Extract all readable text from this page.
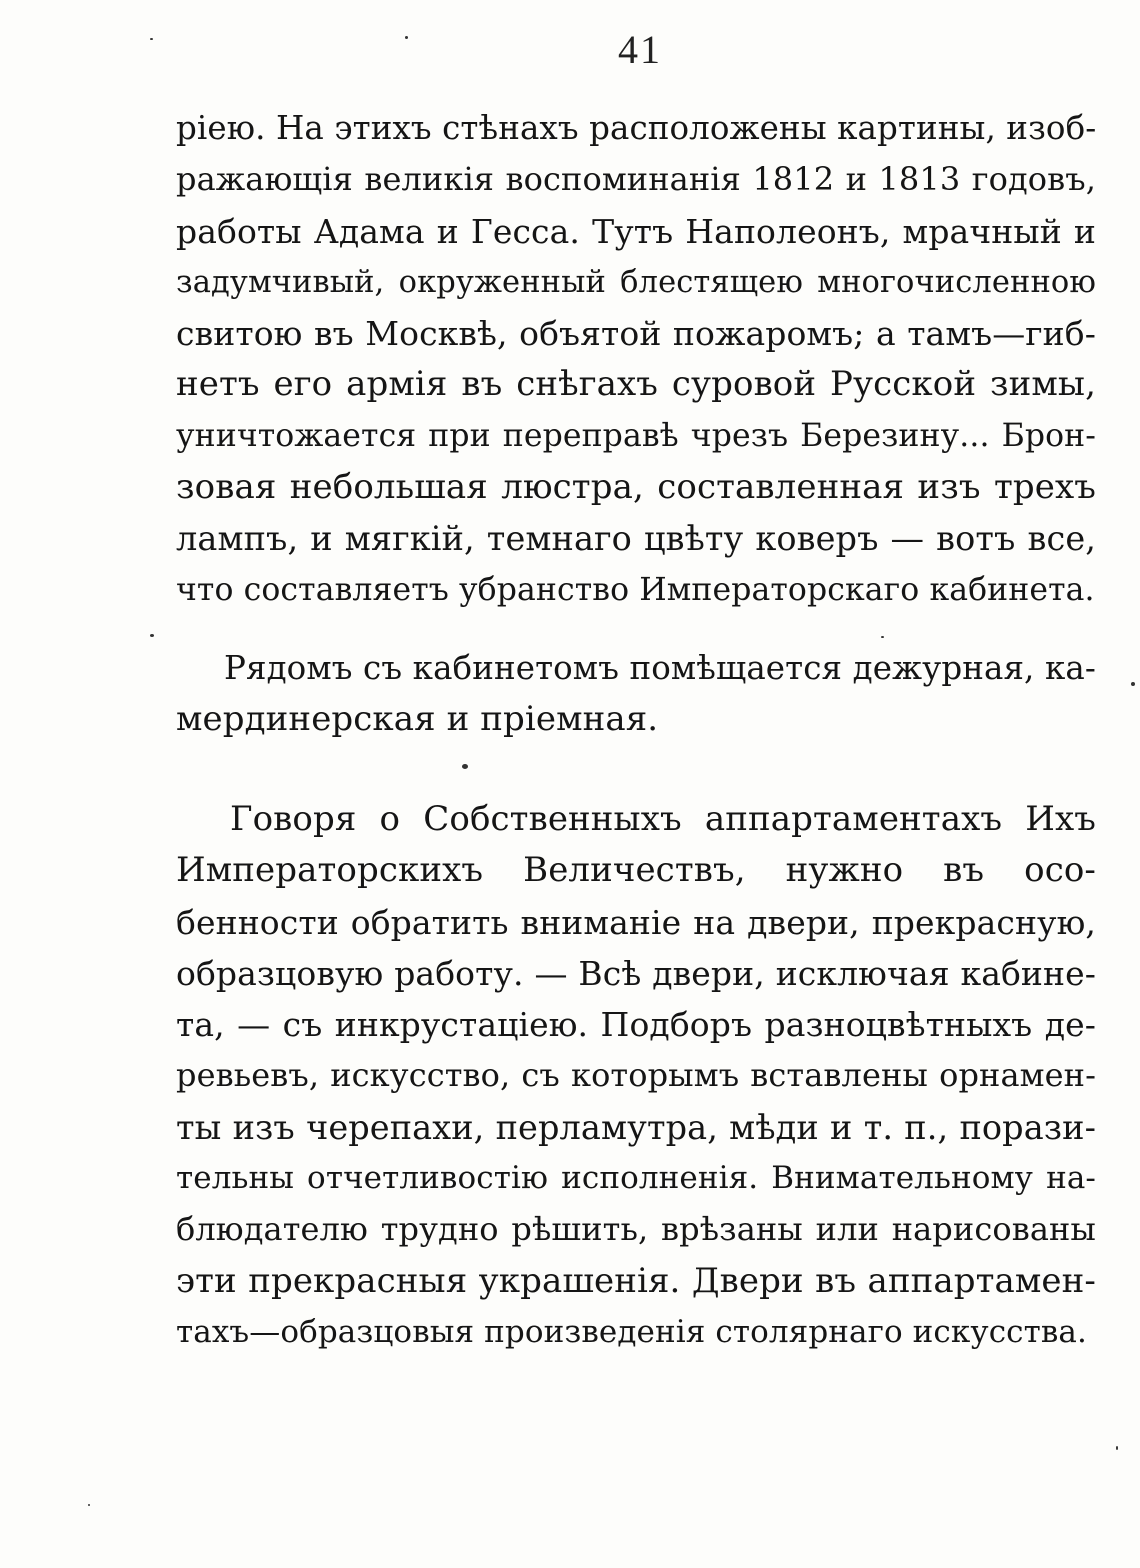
41
ріею. На этихъ стѣнахъ расположены картины, изоб-
ражающія великія воспоминанія 1812 и 1813 годовъ,
работы Адама и Гесса. Тутъ Наполеонъ, мрачный и
задумчивый, окруженный блестящею многочисленною
свитою въ Москвѣ, объятой пожаромъ; а тамъ—гиб-
нетъ его армія въ снѣгахъ суровой Русской зимы,
уничтожается при переправѣ чрезъ Березину... Брон-
зовая небольшая люстра, составленная изъ трехъ
лампъ, и мягкій, темнаго цвѣту коверъ — вотъ все,
что составляетъ убранство Императорскаго кабинета.
Рядомъ съ кабинетомъ помѣщается дежурная, ка-
мердинерская и пріемная.
Говоря о Собственныхъ аппартаментахъ Ихъ
Императорскихъ Величествъ, нужно въ осо-
бенности обратить вниманіе на двери, прекрасную,
образцовую работу. — Всѣ двери, исключая кабине-
та, — съ инкрустаціею. Подборъ разноцвѣтныхъ де-
ревьевъ, искусство, съ которымъ вставлены орнамен-
ты изъ черепахи, перламутра, мѣди и т. п., порази-
тельны отчетливостію исполненія. Внимательному на-
блюдателю трудно рѣшить, врѣзаны или нарисованы
эти прекрасныя украшенія. Двери въ аппартамен-
тахъ—образцовыя произведенія столярнаго искусства.
